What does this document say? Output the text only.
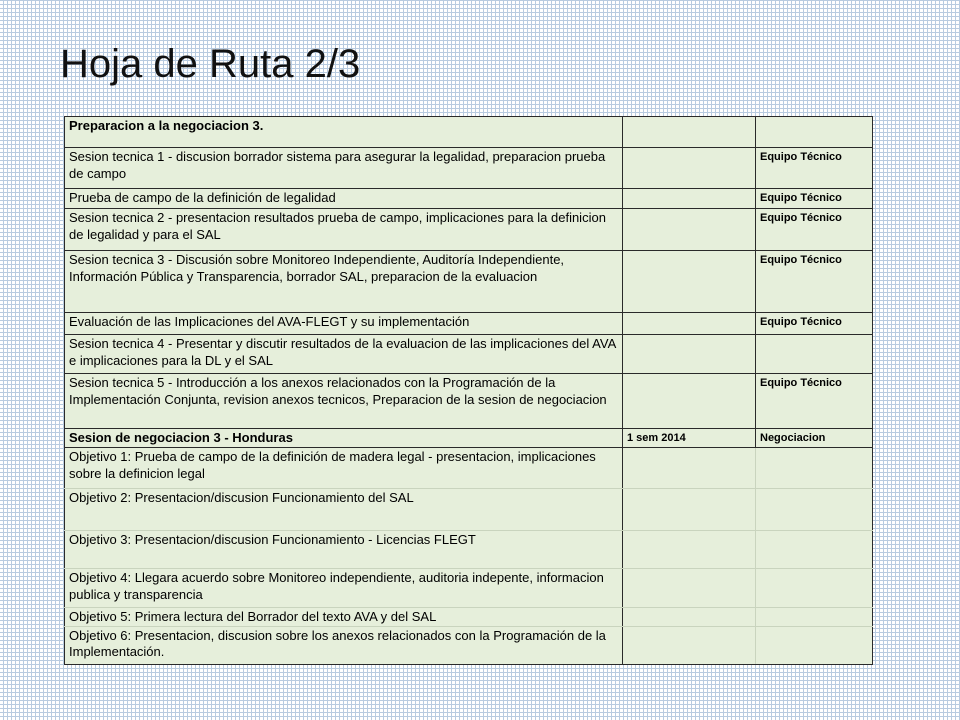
Hoja de Ruta 2/3
Preparacion a la negociacion 3.		
Sesion tecnica 1 - discusion borrador sistema para asegurar la legalidad, preparacion prueba de campo		Equipo Técnico
Prueba de campo de la definición de legalidad		Equipo Técnico
Sesion tecnica 2 - presentacion resultados prueba de campo, implicaciones para la definicion de legalidad y para el SAL		Equipo Técnico
Sesion tecnica 3 - Discusión sobre Monitoreo Independiente, Auditoría Independiente, Información Pública y Transparencia, borrador SAL, preparacion de la evaluacion		Equipo Técnico
Evaluación de las Implicaciones del AVA-FLEGT y su implementación		Equipo Técnico
Sesion tecnica 4 - Presentar y discutir resultados de la evaluacion de las implicaciones del AVA e implicaciones para la DL y el SAL		
Sesion tecnica 5 - Introducción a los anexos relacionados con la Programación de la Implementación Conjunta, revision anexos tecnicos, Preparacion de la sesion de negociacion		Equipo Técnico
Sesion de negociacion 3 - Honduras	1 sem 2014	Negociacion
Objetivo 1: Prueba de campo de la definición de madera legal - presentacion, implicaciones sobre la definicion legal		
Objetivo 2: Presentacion/discusion Funcionamiento del SAL		
Objetivo 3: Presentacion/discusion Funcionamiento - Licencias FLEGT		
Objetivo 4: Llegara acuerdo sobre Monitoreo independiente, auditoria indepente, informacion publica y transparencia		
Objetivo 5: Primera lectura del Borrador del texto AVA y del SAL		
Objetivo 6: Presentacion, discusion sobre los anexos relacionados con la Programación de la Implementación.		
